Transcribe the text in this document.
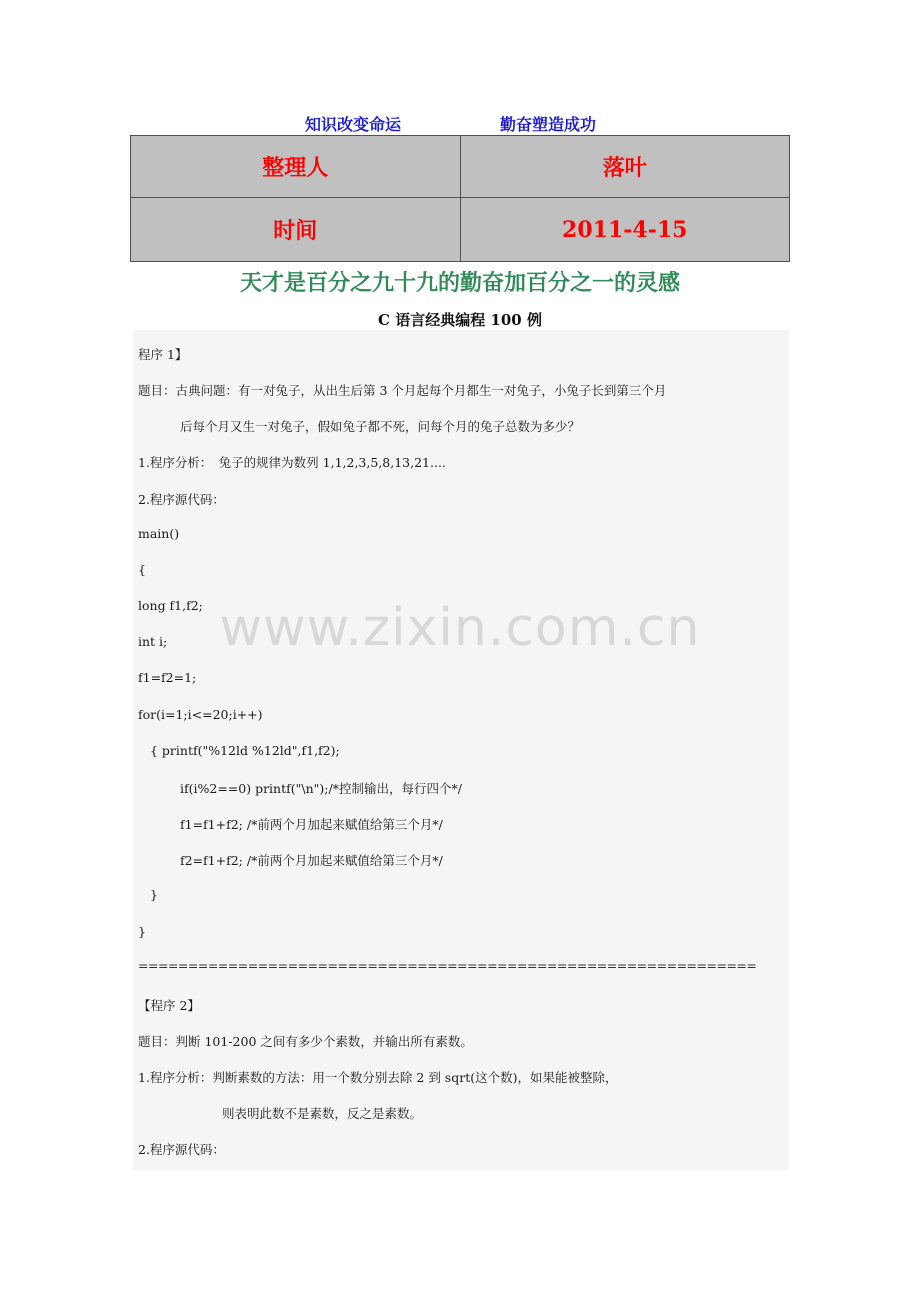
知识改变命运	勤奋塑造成功
整理人	落叶
时间	2011-4-15
天才是百分之九十九的勤奋加百分之一的灵感
C 语言经典编程 100 例
程序 1】
题目：古典问题：有一对兔子，从出生后第 3 个月起每个月都生一对兔子，小兔子长到第三个月
后每个月又生一对兔子，假如兔子都不死，问每个月的兔子总数为多少？
1.程序分析：　兔子的规律为数列 1,1,2,3,5,8,13,21....
2.程序源代码：
main()
{
long f1,f2;
int i;
f1=f2=1;
for(i=1;i<=20;i++)
{ printf("%12ld %12ld",f1,f2);
if(i%2==0) printf("\n");/*控制输出，每行四个*/
f1=f1+f2; /*前两个月加起来赋值给第三个月*/
f2=f1+f2; /*前两个月加起来赋值给第三个月*/
}
}
==============================================================
【程序 2】
题目：判断 101-200 之间有多少个素数，并输出所有素数。
1.程序分析：判断素数的方法：用一个数分别去除 2 到 sqrt(这个数)，如果能被整除，
则表明此数不是素数，反之是素数。
2.程序源代码：
www.zixin.com.cn
